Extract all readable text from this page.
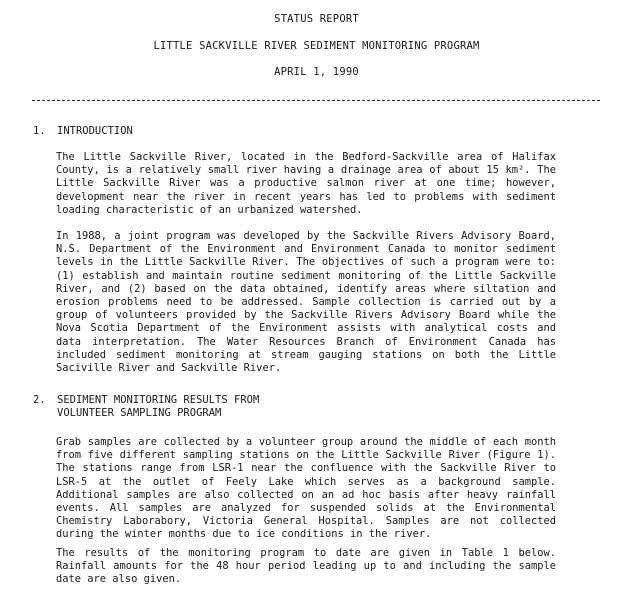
STATUS REPORT
LITTLE SACKVILLE RIVER SEDIMENT MONITORING PROGRAM
APRIL 1, 1990
1. INTRODUCTION
The Little Sackville River, located in the Bedford-Sackville area of Halifax County, is a relatively small river having a drainage area of about 15 km². The Little Sackville River was a productive salmon river at one time; however, development near the river in recent years has led to problems with sediment loading characteristic of an urbanized watershed.
In 1988, a joint program was developed by the Sackville Rivers Advisory Board, N.S. Department of the Environment and Environment Canada to monitor sediment levels in the Little Sackville River. The objectives of such a program were to: (1) establish and maintain routine sediment monitoring of the Little Sackville River, and (2) based on the data obtained, identify areas where siltation and erosion problems need to be addressed. Sample collection is carried out by a group of volunteers provided by the Sackville Rivers Advisory Board while the Nova Scotia Department of the Environment assists with analytical costs and data interpretation. The Water Resources Branch of Environment Canada has included sediment monitoring at stream gauging stations on both the Little Saciville River and Sackville River.
2. SEDIMENT MONITORING RESULTS FROM
VOLUNTEER SAMPLING PROGRAM
Grab samples are collected by a volunteer group around the middle of each month from five different sampling stations on the Little Sackville River (Figure 1). The stations range from LSR-1 near the confluence with the Sackville River to LSR-5 at the outlet of Feely Lake which serves as a background sample. Additional samples are also collected on an ad hoc basis after heavy rainfall events. All samples are analyzed for suspended solids at the Environmental Chemistry Laborabory, Victoria General Hospital. Samples are not collected during the winter months due to ice conditions in the river.
The results of the monitoring program to date are given in Table 1 below. Rainfall amounts for the 48 hour period leading up to and including the sample date are also given.
